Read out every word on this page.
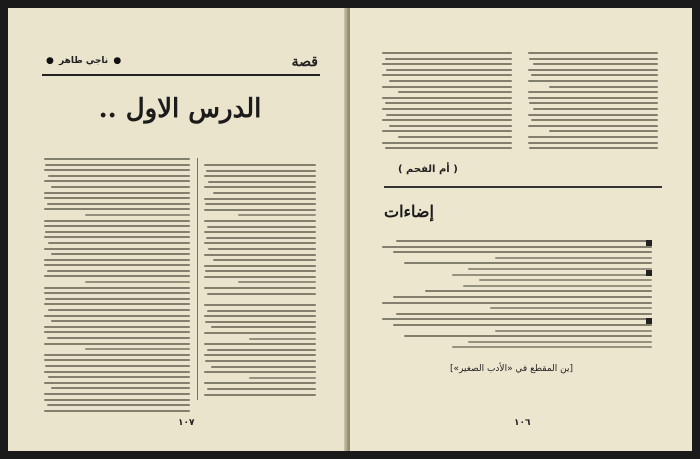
قصة
● ناجي طاهر ●
الدرس الاول ..
١٠٧
( أم الفحم )
إضاءات
[ين المقطع في «الأدب الصغير»]
١٠٦
